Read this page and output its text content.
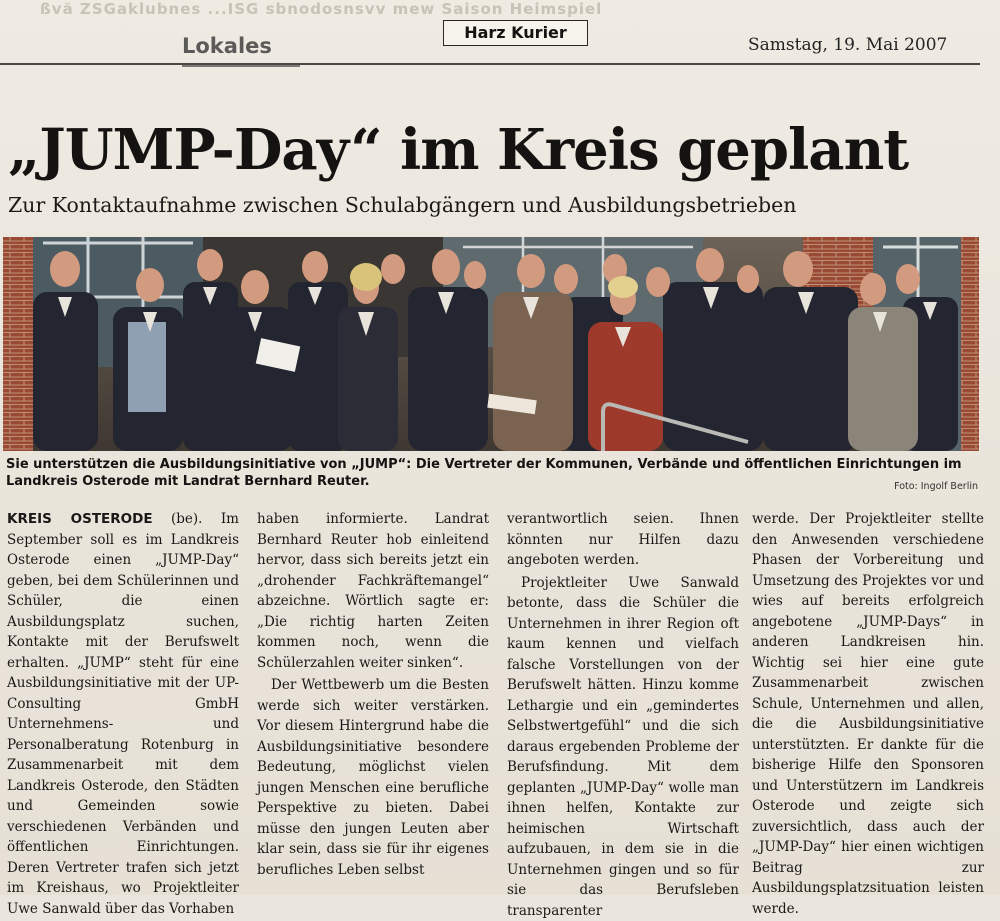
ßvä ZSGaklubnes ...ISG sbnodosnsvv mew Saison Heimspiel
Lokales
Harz Kurier
Samstag, 19. Mai 2007
„JUMP-Day“ im Kreis geplant
Zur Kontaktaufnahme zwischen Schulabgängern und Ausbildungsbetrieben
Sie unterstützen die Ausbildungsinitiative von „JUMP“: Die Vertreter der Kommunen, Verbände und öffentlichen Einrichtungen im Landkreis Osterode mit Landrat Bernhard Reuter.	Foto: Ingolf Berlin

KREIS OSTERODE (be). Im September soll es im Landkreis Osterode einen „JUMP-Day“ geben, bei dem Schülerinnen und Schüler, die einen Ausbildungsplatz suchen, Kontakte mit der Berufswelt erhalten. „JUMP“ steht für eine Ausbildungsinitiative mit der UP-Consulting GmbH Unternehmens- und Personalberatung Rotenburg in Zusammenarbeit mit dem Landkreis Osterode, den Städten und Gemeinden sowie verschiedenen Verbänden und öffentlichen Einrichtungen. Deren Vertreter trafen sich jetzt im Kreishaus, wo Projektleiter Uwe Sanwald über das Vorhaben

haben informierte. Landrat Bernhard Reuter hob einleitend hervor, dass sich bereits jetzt ein „drohender Fachkräftemangel“ abzeichne. Wörtlich sagte er: „Die richtig harten Zeiten kommen noch, wenn die Schülerzahlen weiter sinken“.

Der Wettbewerb um die Besten werde sich weiter verstärken. Vor diesem Hintergrund habe die Ausbildungsinitiative besondere Bedeutung, möglichst vielen jungen Menschen eine berufliche Perspektive zu bieten. Dabei müsse den jungen Leuten aber klar sein, dass sie für ihr eigenes berufliches Leben selbst

verantwortlich seien. Ihnen könnten nur Hilfen dazu angeboten werden.

Projektleiter Uwe Sanwald betonte, dass die Schüler die Unternehmen in ihrer Region oft kaum kennen und vielfach falsche Vorstellungen von der Berufswelt hätten. Hinzu komme Lethargie und ein „gemindertes Selbstwertgefühl“ und die sich daraus ergebenden Probleme der Berufsfindung. Mit dem geplanten „JUMP-Day“ wolle man ihnen helfen, Kontakte zur heimischen Wirtschaft aufzubauen, in dem sie in die Unternehmen gingen und so für sie das Berufsleben transparenter

werde. Der Projektleiter stellte den Anwesenden verschiedene Phasen der Vorbereitung und Umsetzung des Projektes vor und wies auf bereits erfolgreich angebotene „JUMP-Days“ in anderen Landkreisen hin. Wichtig sei hier eine gute Zusammenarbeit zwischen Schule, Unternehmen und allen, die die Ausbildungsinitiative unterstützten. Er dankte für die bisherige Hilfe den Sponsoren und Unterstützern im Landkreis Osterode und zeigte sich zuversichtlich, dass auch der „JUMP-Day“ hier einen wichtigen Beitrag zur Ausbildungsplatzsituation leisten werde.
